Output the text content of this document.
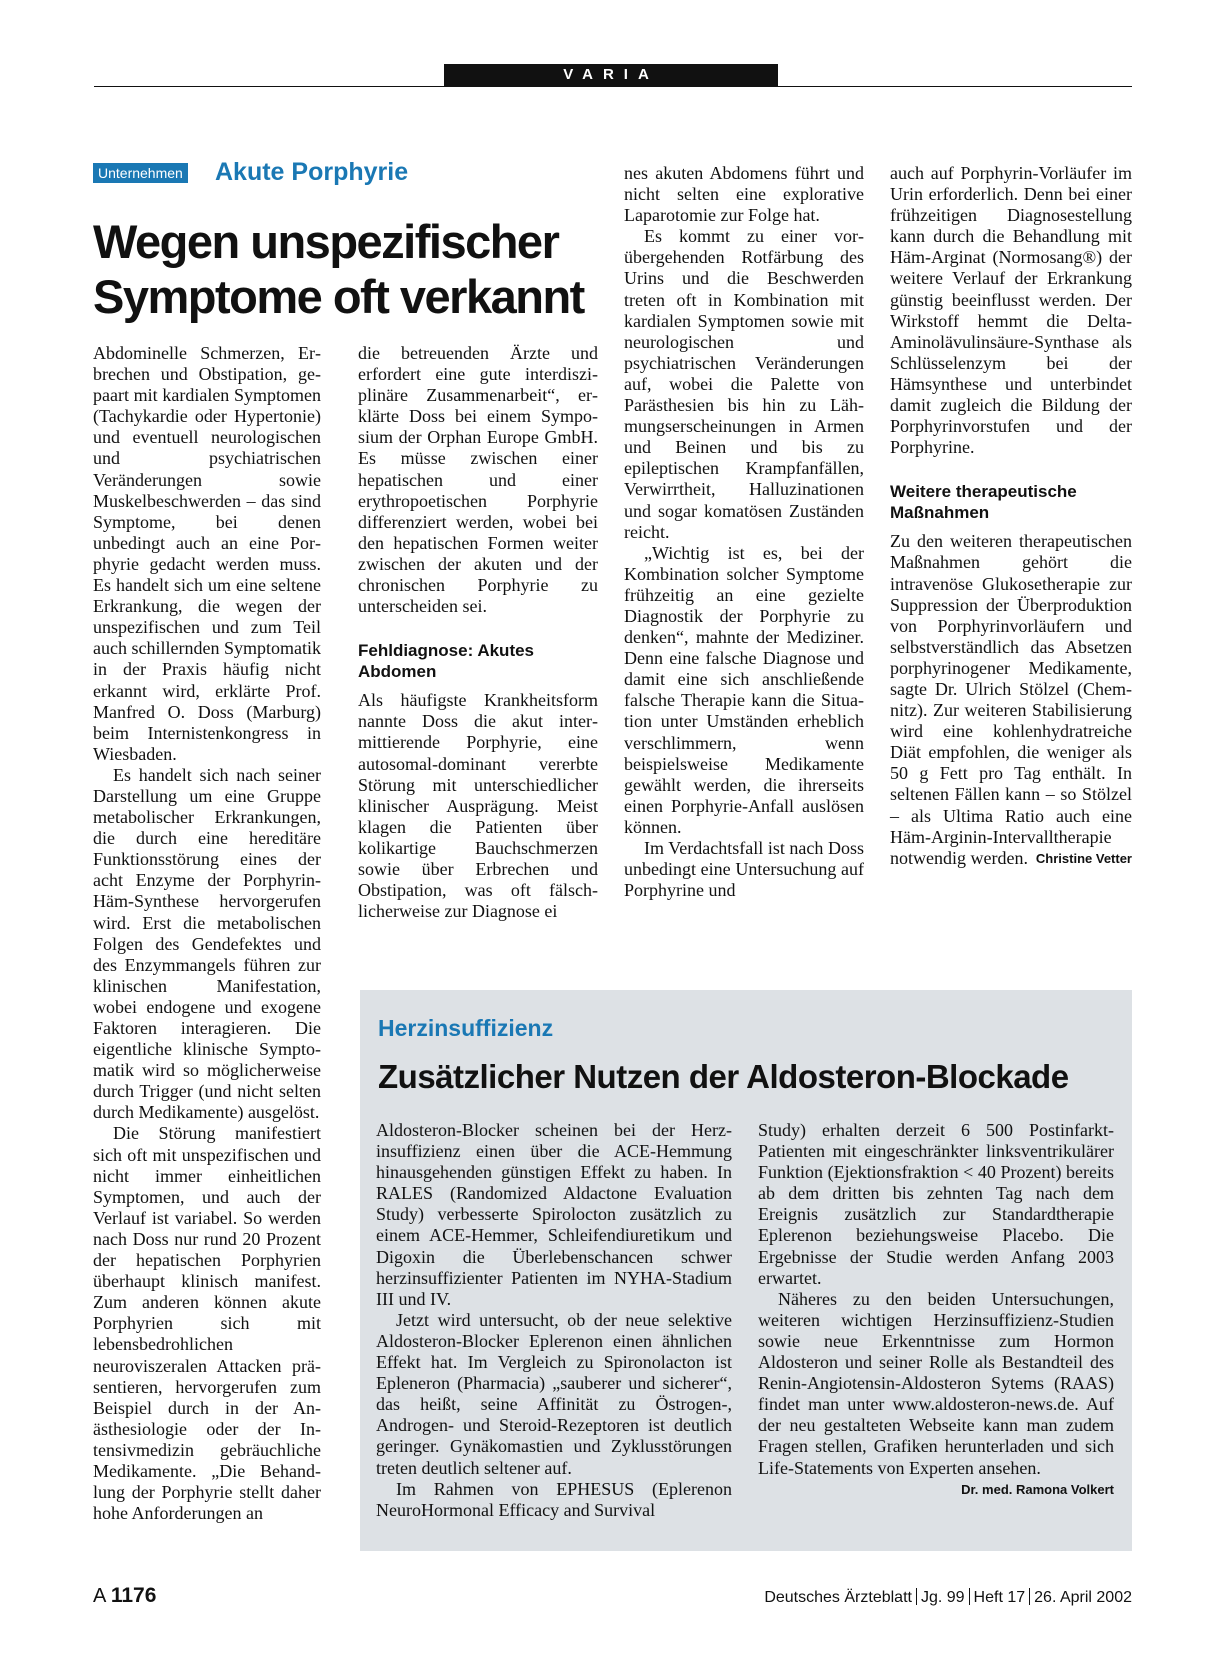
VARIA
Unternehmen Akute Porphyrie
Wegen unspezifischer Symptome oft verkannt

Abdominelle Schmerzen, Erbrechen und Obstipation, gepaart mit kardialen Symptomen (Tachykardie oder Hypertonie) und eventuell neurologischen und psychiatrischen Veränderungen sowie Muskelbeschwerden – das sind Symptome, bei denen unbedingt auch an eine Porphyrie gedacht werden muss. Es handelt sich um eine seltene Erkrankung, die wegen der unspezifischen und zum Teil auch schillernden Symptomatik in der Praxis häufig nicht erkannt wird, erklärte Prof. Manfred O. Doss (Marburg) beim Internistenkongress in Wiesbaden.

Es handelt sich nach seiner Darstellung um eine Gruppe metabolischer Erkrankungen, die durch eine hereditäre Funktionsstörung eines der acht Enzyme der Porphyrin-Häm-Synthese hervorgerufen wird. Erst die metabolischen Folgen des Gendefektes und des Enzymmangels führen zur klinischen Manifestation, wobei endogene und exogene Faktoren interagieren. Die eigentliche klinische Symptomatik wird so möglicherweise durch Trigger (und nicht selten durch Medikamente) ausgelöst.

Die Störung manifestiert sich oft mit unspezifischen und nicht immer einheitlichen Symptomen, und auch der Verlauf ist variabel. So werden nach Doss nur rund 20 Prozent der hepatischen Porphyrien überhaupt klinisch manifest. Zum anderen können akute Porphyrien sich mit lebensbedrohlichen neuroviszeralen Attacken präsentieren, hervorgerufen zum Beispiel durch in der Anästhesiologie oder der Intensivmedizin gebräuchliche Medikamente. „Die Behandlung der Porphyrie stellt daher hohe Anforderungen an

die betreuenden Ärzte und erfordert eine gute interdisziplinäre Zusammenarbeit“, erklärte Doss bei einem Symposium der Orphan Europe GmbH. Es müsse zwischen einer hepatischen und einer erythropoetischen Porphyrie differenziert werden, wobei bei den hepatischen Formen weiter zwischen der akuten und der chronischen Porphyrie zu unterscheiden sei.

Fehldiagnose: Akutes Abdomen

Als häufigste Krankheitsform nannte Doss die akut intermittierende Porphyrie, eine autosomal-dominant vererbte Störung mit unterschiedlicher klinischer Ausprägung. Meist klagen die Patienten über kolikartige Bauchschmerzen sowie über Erbrechen und Obstipation, was oft fälschlicherweise zur Diagnose ei

nes akuten Abdomens führt und nicht selten eine explorative Laparotomie zur Folge hat.

Es kommt zu einer vorübergehenden Rotfärbung des Urins und die Beschwerden treten oft in Kombination mit kardialen Symptomen sowie mit neurologischen und psychiatrischen Veränderungen auf, wobei die Palette von Parästhesien bis hin zu Lähmungserscheinungen in Armen und Beinen und bis zu epileptischen Krampfanfällen, Verwirrtheit, Halluzinationen und sogar komatösen Zuständen reicht.

„Wichtig ist es, bei der Kombination solcher Symptome frühzeitig an eine gezielte Diagnostik der Porphyrie zu denken“, mahnte der Mediziner. Denn eine falsche Diagnose und damit eine sich anschließende falsche Therapie kann die Situation unter Umständen erheblich verschlimmern, wenn beispielsweise Medikamente gewählt werden, die ihrerseits einen Porphyrie-Anfall auslösen können.

Im Verdachtsfall ist nach Doss unbedingt eine Untersuchung auf Porphyrine und

auch auf Porphyrin-Vorläufer im Urin erforderlich. Denn bei einer frühzeitigen Diagnosestellung kann durch die Behandlung mit Häm-Arginat (Normosang®) der weitere Verlauf der Erkrankung günstig beeinflusst werden. Der Wirkstoff hemmt die Delta-Aminolävulinsäure-Synthase als Schlüsselenzym bei der Hämsynthese und unterbindet damit zugleich die Bildung der Porphyrinvorstufen und der Porphyrine.

Weitere therapeutische Maßnahmen

Zu den weiteren therapeutischen Maßnahmen gehört die intravenöse Glukosetherapie zur Suppression der Überproduktion von Porphyrinvorläufern und selbstverständlich das Absetzen porphyrinogener Medikamente, sagte Dr. Ulrich Stölzel (Chemnitz). Zur weiteren Stabilisierung wird eine kohlenhydratreiche Diät empfohlen, die weniger als 50 g Fett pro Tag enthält. In seltenen Fällen kann – so Stölzel – als Ultima Ratio auch eine Häm-Arginin-Intervalltherapie notwendig werden. Christine Vetter

Herzinsuffizienz
Zusätzlicher Nutzen der Aldosteron-Blockade

Aldosteron-Blocker scheinen bei der Herzinsuffizienz einen über die ACE-Hemmung hinausgehenden günstigen Effekt zu haben. In RALES (Randomized Aldactone Evaluation Study) verbesserte Spirolocton zusätzlich zu einem ACE-Hemmer, Schleifendiuretikum und Digoxin die Überlebenschancen schwer herzinsuffizienter Patienten im NYHA-Stadium III und IV.

Jetzt wird untersucht, ob der neue selektive Aldosteron-Blocker Eplerenon einen ähnlichen Effekt hat. Im Vergleich zu Spironolacton ist Epleneron (Pharmacia) „sauberer und sicherer“, das heißt, seine Affinität zu Östrogen-, Androgen- und Steroid-Rezeptoren ist deutlich geringer. Gynäkomastien und Zyklusstörungen treten deutlich seltener auf.

Im Rahmen von EPHESUS (Eplerenon NeuroHormonal Efficacy and Survival

Study) erhalten derzeit 6 500 Postinfarkt-Patienten mit eingeschränkter linksventrikulärer Funktion (Ejektionsfraktion < 40 Prozent) bereits ab dem dritten bis zehnten Tag nach dem Ereignis zusätzlich zur Standardtherapie Eplerenon beziehungsweise Placebo. Die Ergebnisse der Studie werden Anfang 2003 erwartet.

Näheres zu den beiden Untersuchungen, weiteren wichtigen Herzinsuffizienz-Studien sowie neue Erkenntnisse zum Hormon Aldosteron und seiner Rolle als Bestandteil des Renin-Angiotensin-Aldosteron Sytems (RAAS) findet man unter www.aldosteron-news.de. Auf der neu gestalteten Webseite kann man zudem Fragen stellen, Grafiken herunterladen und sich Life-Statements von Experten ansehen.
Dr. med. Ramona Volkert

A 1176	Deutsches Ärzteblatt Jg. 99 Heft 17 26. April 2002
